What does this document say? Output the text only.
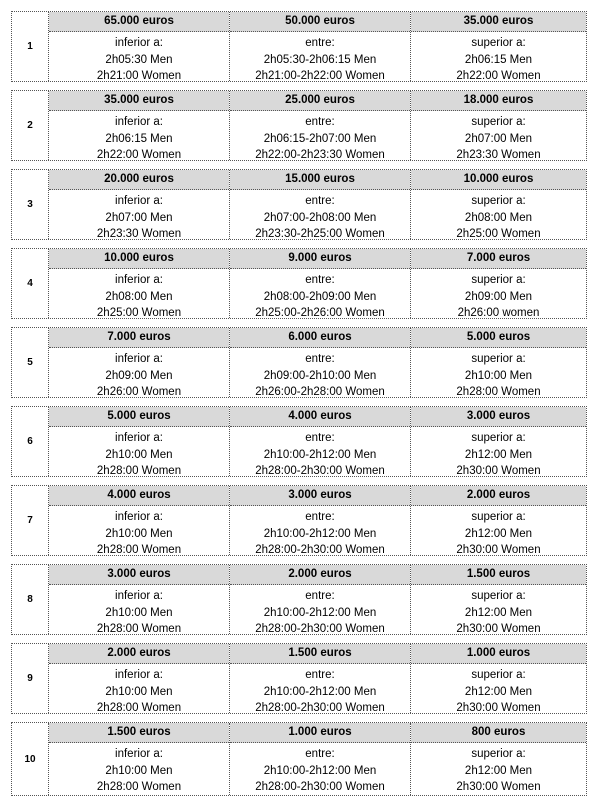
1
65.000 euros
inferior a:
2h05:30 Men
2h21:00 Women
50.000 euros
entre:
2h05:30-2h06:15 Men
2h21:00-2h22:00 Women
35.000 euros
superior a:
2h06:15 Men
2h22:00 Women
2
35.000 euros
inferior a:
2h06:15 Men
2h22:00 Women
25.000 euros
entre:
2h06:15-2h07:00 Men
2h22:00-2h23:30 Women
18.000 euros
superior a:
2h07:00 Men
2h23:30 Women
3
20.000 euros
inferior a:
2h07:00 Men
2h23:30 Women
15.000 euros
entre:
2h07:00-2h08:00 Men
2h23:30-2h25:00 Women
10.000 euros
superior a:
2h08:00 Men
2h25:00 Women
4
10.000 euros
inferior a:
2h08:00 Men
2h25:00 Women
9.000 euros
entre:
2h08:00-2h09:00 Men
2h25:00-2h26:00 Women
7.000 euros
superior a:
2h09:00 Men
2h26:00 women
5
7.000 euros
inferior a:
2h09:00 Men
2h26:00 Women
6.000 euros
entre:
2h09:00-2h10:00 Men
2h26:00-2h28:00 Women
5.000 euros
superior a:
2h10:00 Men
2h28:00 Women
6
5.000 euros
inferior a:
2h10:00 Men
2h28:00 Women
4.000 euros
entre:
2h10:00-2h12:00 Men
2h28:00-2h30:00 Women
3.000 euros
superior a:
2h12:00 Men
2h30:00 Women
7
4.000 euros
inferior a:
2h10:00 Men
2h28:00 Women
3.000 euros
entre:
2h10:00-2h12:00 Men
2h28:00-2h30:00 Women
2.000 euros
superior a:
2h12:00 Men
2h30:00 Women
8
3.000 euros
inferior a:
2h10:00 Men
2h28:00 Women
2.000 euros
entre:
2h10:00-2h12:00 Men
2h28:00-2h30:00 Women
1.500 euros
superior a:
2h12:00 Men
2h30:00 Women
9
2.000 euros
inferior a:
2h10:00 Men
2h28:00 Women
1.500 euros
entre:
2h10:00-2h12:00 Men
2h28:00-2h30:00 Women
1.000 euros
superior a:
2h12:00 Men
2h30:00 Women
10
1.500 euros
inferior a:
2h10:00 Men
2h28:00 Women
1.000 euros
entre:
2h10:00-2h12:00 Men
2h28:00-2h30:00 Women
800 euros
superior a:
2h12:00 Men
2h30:00 Women
